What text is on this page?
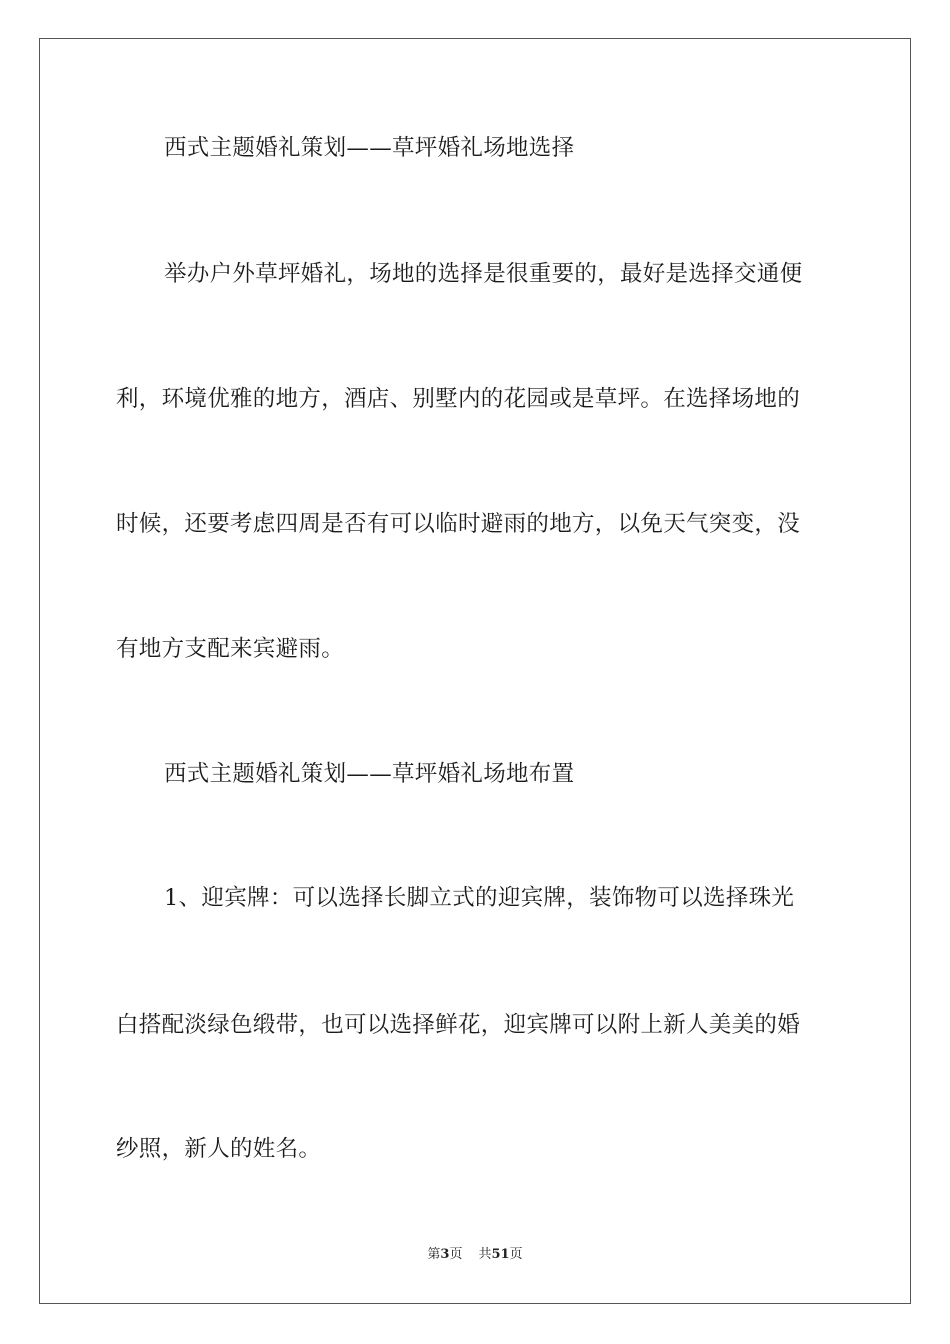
西式主题婚礼策划——草坪婚礼场地选择
举办户外草坪婚礼，场地的选择是很重要的，最好是选择交通便
利，环境优雅的地方，酒店、别墅内的花园或是草坪。在选择场地的
时候，还要考虑四周是否有可以临时避雨的地方，以免天气突变，没
有地方支配来宾避雨。
西式主题婚礼策划——草坪婚礼场地布置
1、迎宾牌：可以选择长脚立式的迎宾牌，装饰物可以选择珠光
白搭配淡绿色缎带，也可以选择鲜花，迎宾牌可以附上新人美美的婚
纱照，新人的姓名。
第3页 共51页
